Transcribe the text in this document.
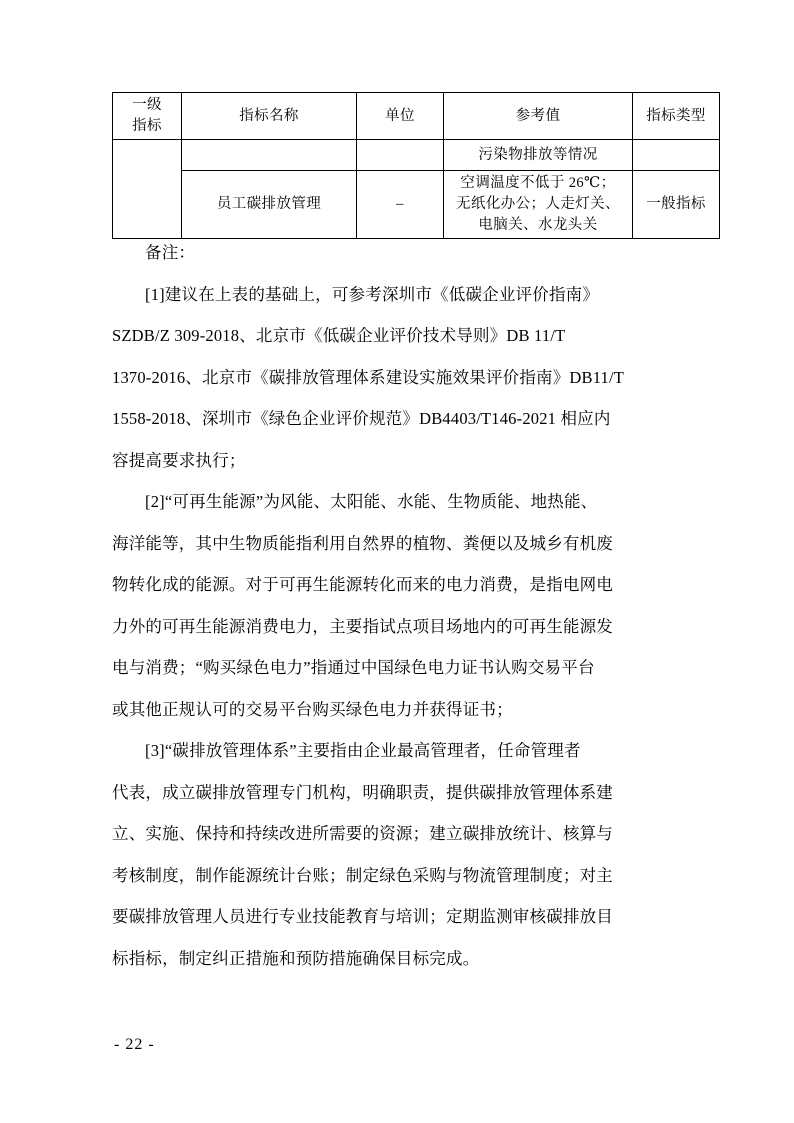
一级
指标	指标名称	单位	参考值	指标类型
			污染物排放等情况	
	员工碳排放管理	–	空调温度不低于 26℃；
无纸化办公；人走灯关、
电脑关、水龙头关	一般指标
备注：
[1]建议在上表的基础上，可参考深圳市《低碳企业评价指南》
SZDB/Z 309-2018、北京市《低碳企业评价技术导则》DB 11/T
1370-2016、北京市《碳排放管理体系建设实施效果评价指南》DB11/T
1558-2018、深圳市《绿色企业评价规范》DB4403/T146-2021 相应内
容提高要求执行；
[2]“可再生能源”为风能、太阳能、水能、生物质能、地热能、
海洋能等，其中生物质能指利用自然界的植物、粪便以及城乡有机废
物转化成的能源。对于可再生能源转化而来的电力消费，是指电网电
力外的可再生能源消费电力，主要指试点项目场地内的可再生能源发
电与消费；“购买绿色电力”指通过中国绿色电力证书认购交易平台
或其他正规认可的交易平台购买绿色电力并获得证书；
[3]“碳排放管理体系”主要指由企业最高管理者，任命管理者
代表，成立碳排放管理专门机构，明确职责，提供碳排放管理体系建
立、实施、保持和持续改进所需要的资源；建立碳排放统计、核算与
考核制度，制作能源统计台账；制定绿色采购与物流管理制度；对主
要碳排放管理人员进行专业技能教育与培训；定期监测审核碳排放目
标指标，制定纠正措施和预防措施确保目标完成。
- 22 -
